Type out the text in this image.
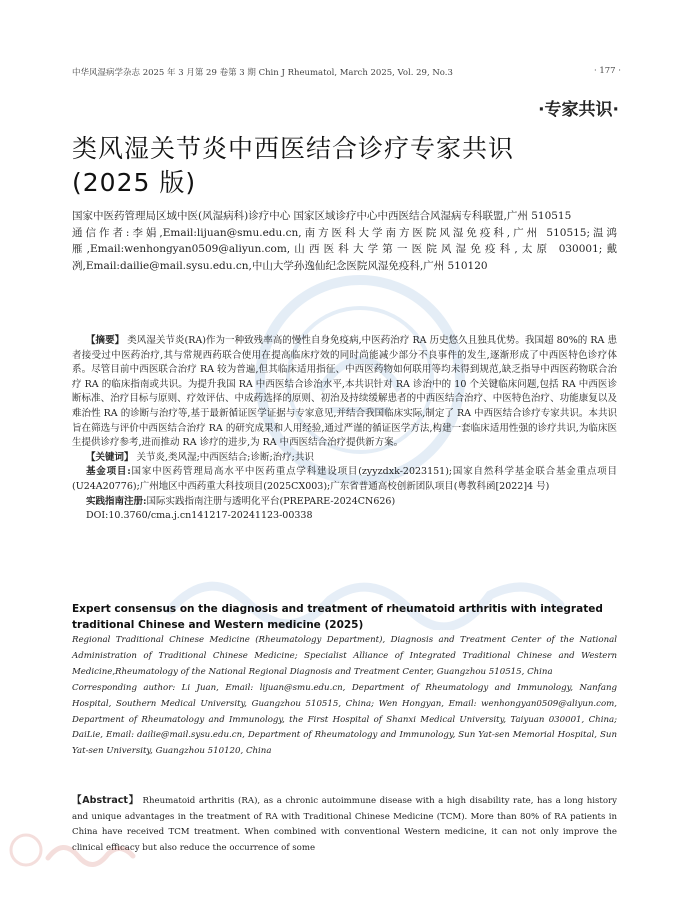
中华风湿病学杂志 2025 年 3 月第 29 卷第 3 期 Chin J Rheumatol, March 2025, Vol. 29, No.3	· 177 ·
·专家共识·
类风湿关节炎中西医结合诊疗专家共识
(2025 版)
国家中医药管理局区域中医(风湿病科)诊疗中心 国家区域诊疗中心中西医结合风湿病专科联盟,广州 510515
通信作者:李娟,Email:lijuan@smu.edu.cn,南方医科大学南方医院风湿免疫科,广州 510515;温鸿雁,Email:wenhongyan0509@aliyun.com,山西医科大学第一医院风湿免疫科,太原 030001;戴冽,Email:dailie@mail.sysu.edu.cn,中山大学孙逸仙纪念医院风湿免疫科,广州 510120

【摘要】 类风湿关节炎(RA)作为一种致残率高的慢性自身免疫病,中医药治疗 RA 历史悠久且独具优势。我国超 80%的 RA 患者接受过中医药治疗,其与常规西药联合使用在提高临床疗效的同时尚能减少部分不良事件的发生,逐渐形成了中西医特色诊疗体系。尽管目前中西医联合治疗 RA 较为普遍,但其临床适用指征、中西医药物如何联用等均未得到规范,缺乏指导中西医药物联合治疗 RA 的临床指南或共识。为提升我国 RA 中西医结合诊治水平,本共识针对 RA 诊治中的 10 个关键临床问题,包括 RA 中西医诊断标准、治疗目标与原则、疗效评估、中成药选择的原则、初治及持续缓解患者的中西医结合治疗、中医特色治疗、功能康复以及难治性 RA 的诊断与治疗等,基于最新循证医学证据与专家意见,并结合我国临床实际,制定了 RA 中西医结合诊疗专家共识。本共识旨在筛选与评价中西医结合治疗 RA 的研究成果和人用经验,通过严谨的循证医学方法,构建一套临床适用性强的诊疗共识,为临床医生提供诊疗参考,进而推动 RA 诊疗的进步,为 RA 中西医结合治疗提供新方案。

【关键词】 关节炎,类风湿;中西医结合;诊断;治疗;共识

基金项目:国家中医药管理局高水平中医药重点学科建设项目(zyyzdxk-2023151);国家自然科学基金联合基金重点项目(U24A20776);广州地区中西药重大科技项目(2025CX003);广东省普通高校创新团队项目(粤教科函[2022]4 号)

实践指南注册:国际实践指南注册与透明化平台(PREPARE-2024CN626)

DOI:10.3760/cma.j.cn141217-20241123-00338

Expert consensus on the diagnosis and treatment of rheumatoid arthritis with integrated traditional Chinese and Western medicine (2025)

Regional Traditional Chinese Medicine (Rheumatology Department), Diagnosis and Treatment Center of the National Administration of Traditional Chinese Medicine; Specialist Alliance of Integrated Traditional Chinese and Western Medicine,Rheumatology of the National Regional Diagnosis and Treatment Center, Guangzhou 510515, China

Corresponding author: Li Juan, Email: lijuan@smu.edu.cn, Department of Rheumatology and Immunology, Nanfang Hospital, Southern Medical University, Guangzhou 510515, China; Wen Hongyan, Email: wenhongyan0509@aliyun.com, Department of Rheumatology and Immunology, the First Hospital of Shanxi Medical University, Taiyuan 030001, China; DaiLie, Email: dailie@mail.sysu.edu.cn, Department of Rheumatology and Immunology, Sun Yat-sen Memorial Hospital, Sun Yat-sen University, Guangzhou 510120, China

【Abstract】 Rheumatoid arthritis (RA), as a chronic autoimmune disease with a high disability rate, has a long history and unique advantages in the treatment of RA with Traditional Chinese Medicine (TCM). More than 80% of RA patients in China have received TCM treatment. When combined with conventional Western medicine, it can not only improve the clinical efficacy but also reduce the occurrence of some
